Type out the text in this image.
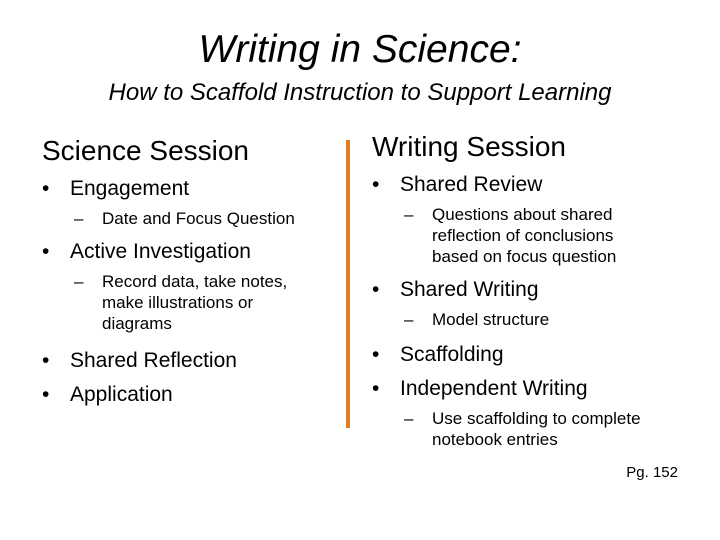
Writing in Science:
How to Scaffold Instruction to Support Learning
Science Session
• Engagement
– Date and Focus Question
• Active Investigation
– Record data, take notes, make illustrations or diagrams
• Shared Reflection
• Application
Writing Session
• Shared Review
– Questions about shared reflection of conclusions based on focus question
• Shared Writing
– Model structure
• Scaffolding
• Independent Writing
– Use scaffolding to complete notebook entries
Pg. 152
